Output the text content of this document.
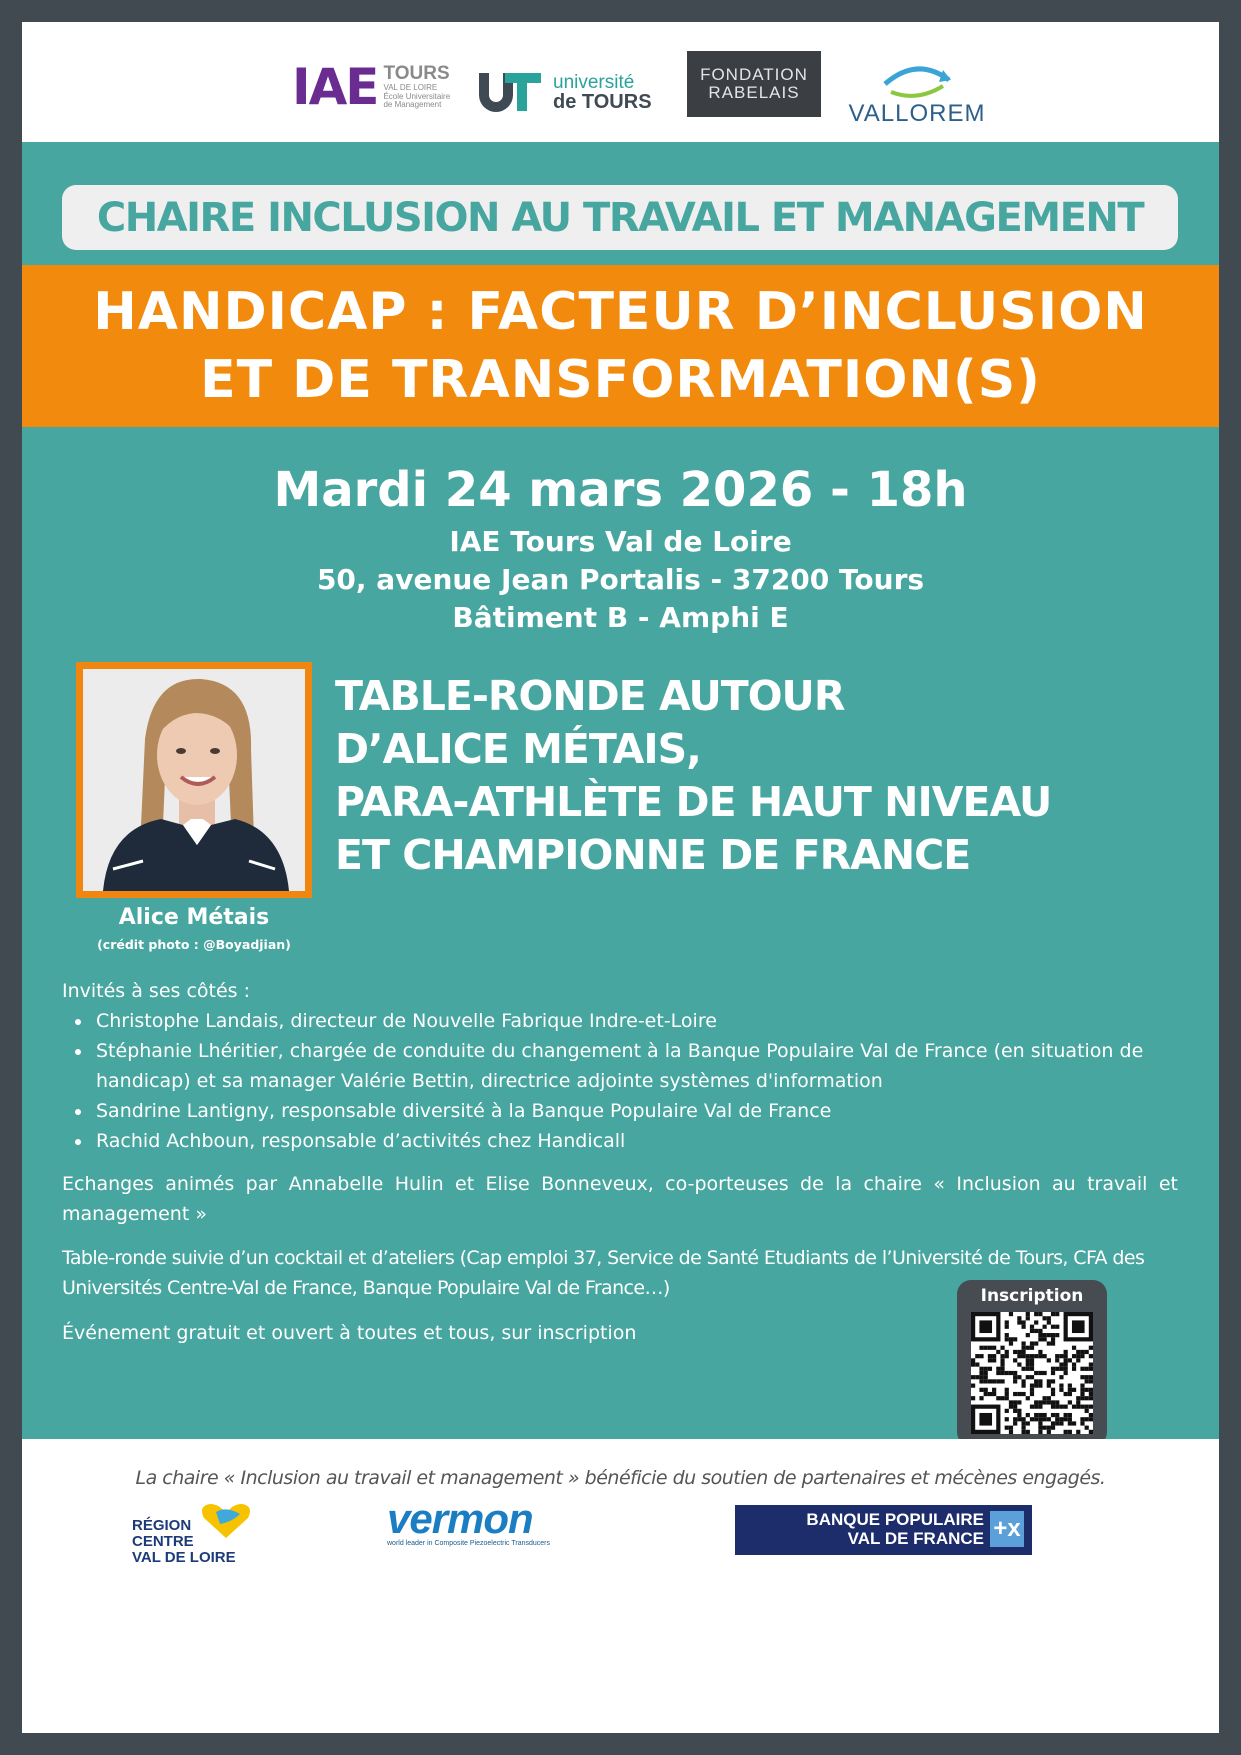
IAE TOURS
VAL DE LOIRE
École Universitaire
de Management
université
de TOURS
FONDATION
RABELAIS
VALLOREM
CHAIRE INCLUSION AU TRAVAIL ET MANAGEMENT
HANDICAP : FACTEUR D’INCLUSION
ET DE TRANSFORMATION(S)
Mardi 24 mars 2026 - 18h
IAE Tours Val de Loire
50, avenue Jean Portalis - 37200 Tours
Bâtiment B - Amphi E
Alice Métais
(crédit photo : @Boyadjian)
TABLE-RONDE AUTOUR
D’ALICE MÉTAIS,
PARA-ATHLÈTE DE HAUT NIVEAU
ET CHAMPIONNE DE FRANCE
Invités à ses côtés :
Christophe Landais, directeur de Nouvelle Fabrique Indre-et-Loire
Stéphanie Lhéritier, chargée de conduite du changement à la Banque Populaire Val de France (en situation de handicap) et sa manager Valérie Bettin, directrice adjointe systèmes d'information
Sandrine Lantigny, responsable diversité à la Banque Populaire Val de France
Rachid Achboun, responsable d’activités chez Handicall
Echanges animés par Annabelle Hulin et Elise Bonneveux, co-porteuses de la chaire « Inclusion au travail et management »
Table-ronde suivie d’un cocktail et d’ateliers (Cap emploi 37, Service de Santé Etudiants de l’Université de Tours, CFA des Universités Centre-Val de France, Banque Populaire Val de France…)
Événement gratuit et ouvert à toutes et tous, sur inscription
Inscription
La chaire « Inclusion au travail et management » bénéficie du soutien de partenaires et mécènes engagés.
RÉGION
CENTRE
VAL DE LOIRE
vermon
world leader in Composite Piezoelectric Transducers
BANQUE POPULAIRE
VAL DE FRANCE +x
